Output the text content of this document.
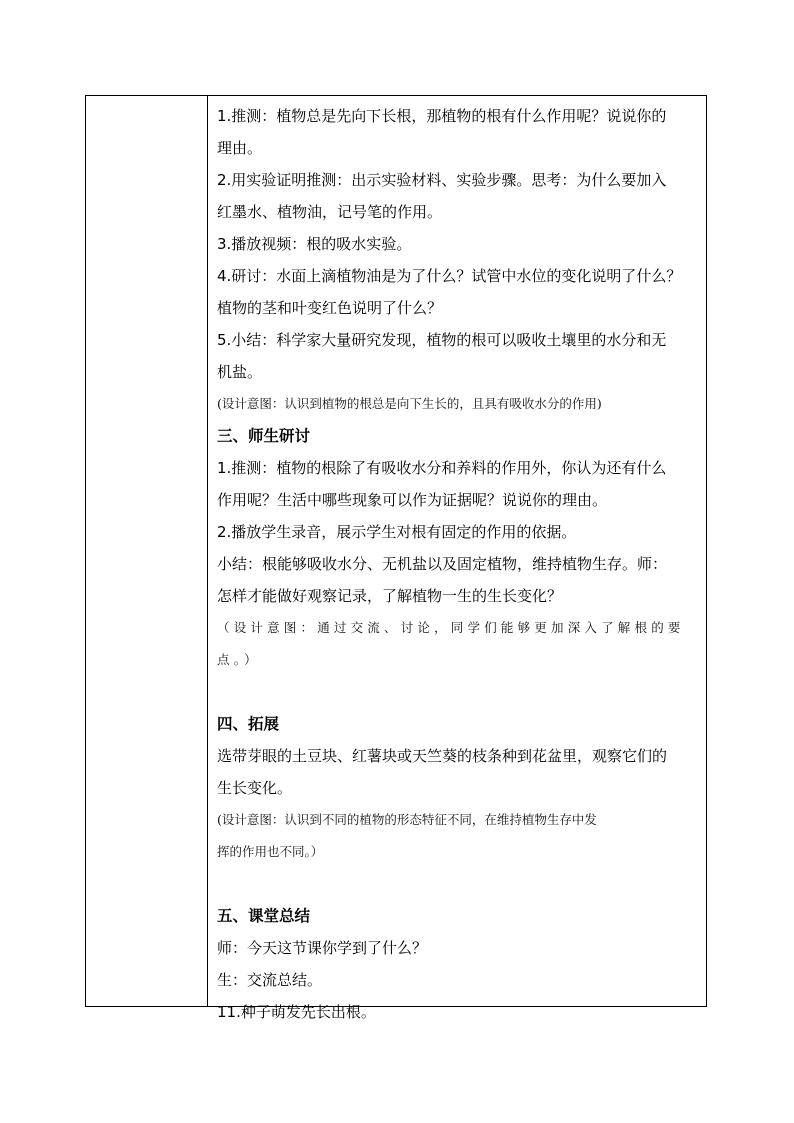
1.推测：植物总是先向下长根，那植物的根有什么作用呢？说说你的
理由。
2.用实验证明推测：出示实验材料、实验步骤。思考：为什么要加入
红墨水、植物油，记号笔的作用。
3.播放视频：根的吸水实验。
4.研讨：水面上滴植物油是为了什么？试管中水位的变化说明了什么？
植物的茎和叶变红色说明了什么？
5.小结：科学家大量研究发现，植物的根可以吸收土壤里的水分和无
机盐。
(设计意图：认识到植物的根总是向下生长的，且具有吸收水分的作用)
三、师生研讨
1.推测：植物的根除了有吸收水分和养料的作用外，你认为还有什么
作用呢？生活中哪些现象可以作为证据呢？说说你的理由。
2.播放学生录音，展示学生对根有固定的作用的依据。
小结：根能够吸收水分、无机盐以及固定植物，维持植物生存。师：
怎样才能做好观察记录，了解植物一生的生长变化？
（设计意图：通过交流、讨论，同学们能够更加深入了解根的要
点。）
四、拓展
选带芽眼的土豆块、红薯块或天竺葵的枝条种到花盆里，观察它们的
生长变化。
(设计意图：认识到不同的植物的形态特征不同，在维持植物生存中发
挥的作用也不同。）
五、课堂总结
师：今天这节课你学到了什么？
生：交流总结。
11.种子萌发先长出根。
